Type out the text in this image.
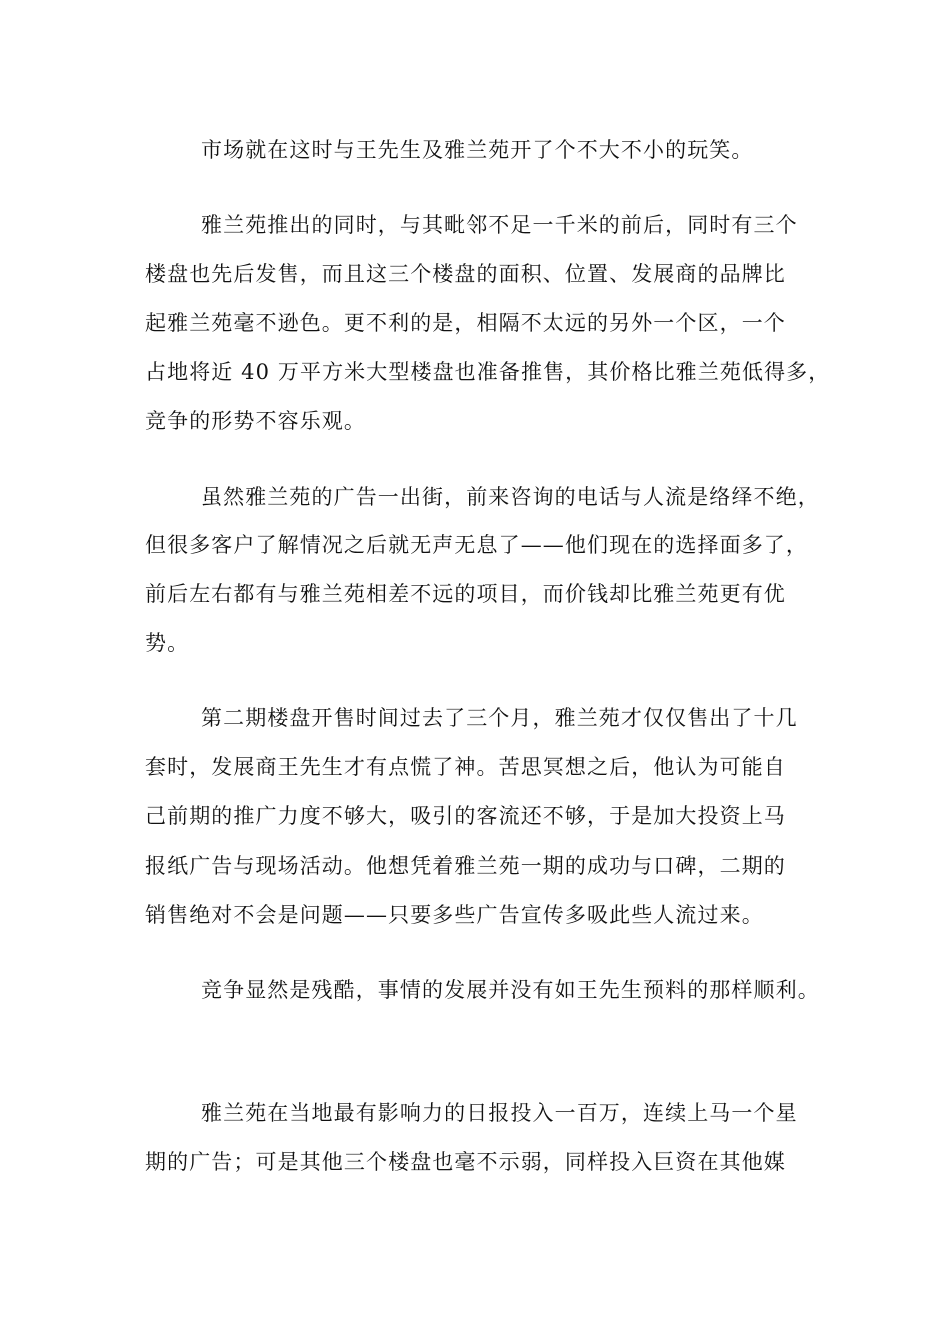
市场就在这时与王先生及雅兰苑开了个不大不小的玩笑。
雅兰苑推出的同时，与其毗邻不足一千米的前后，同时有三个
楼盘也先后发售，而且这三个楼盘的面积、位置、发展商的品牌比
起雅兰苑毫不逊色。更不利的是，相隔不太远的另外一个区，一个
占地将近 40 万平方米大型楼盘也准备推售，其价格比雅兰苑低得多，
竞争的形势不容乐观。
虽然雅兰苑的广告一出街，前来咨询的电话与人流是络绎不绝，
但很多客户了解情况之后就无声无息了——他们现在的选择面多了，
前后左右都有与雅兰苑相差不远的项目，而价钱却比雅兰苑更有优
势。
第二期楼盘开售时间过去了三个月，雅兰苑才仅仅售出了十几
套时，发展商王先生才有点慌了神。苦思冥想之后，他认为可能自
己前期的推广力度不够大，吸引的客流还不够，于是加大投资上马
报纸广告与现场活动。他想凭着雅兰苑一期的成功与口碑，二期的
销售绝对不会是问题——只要多些广告宣传多吸此些人流过来。
竞争显然是残酷，事情的发展并没有如王先生预料的那样顺利。
雅兰苑在当地最有影响力的日报投入一百万，连续上马一个星
期的广告；可是其他三个楼盘也毫不示弱，同样投入巨资在其他媒
